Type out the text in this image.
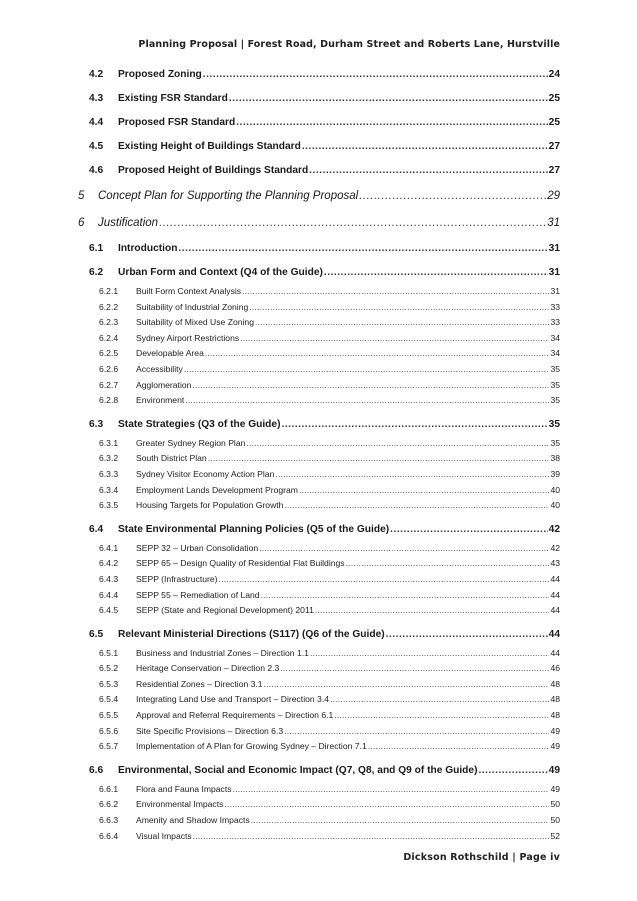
Planning Proposal | Forest Road, Durham Street and Roberts Lane, Hurstville
4.2	Proposed Zoning .....	24
4.3	Existing FSR Standard .....	25
4.4	Proposed FSR Standard .....	25
4.5	Existing Height of Buildings Standard .....	27
4.6	Proposed Height of Buildings Standard .....	27
5	Concept Plan for Supporting the Planning Proposal .....	29
6	Justification .....	31
6.1	Introduction .....	31
6.2	Urban Form and Context (Q4 of the Guide) .....	31
6.2.1	Built Form Context Analysis .....	31
6.2.2	Suitability of Industrial Zoning .....	33
6.2.3	Suitability of Mixed Use Zoning .....	33
6.2.4	Sydney Airport Restrictions .....	34
6.2.5	Developable Area .....	34
6.2.6	Accessibility .....	35
6.2.7	Agglomeration .....	35
6.2.8	Environment .....	35
6.3	State Strategies (Q3 of the Guide) .....	35
6.3.1	Greater Sydney Region Plan .....	35
6.3.2	South District Plan .....	38
6.3.3	Sydney Visitor Economy Action Plan .....	39
6.3.4	Employment Lands Development Program .....	40
6.3.5	Housing Targets for Population Growth .....	40
6.4	State Environmental Planning Policies (Q5 of the Guide) .....	42
6.4.1	SEPP 32 – Urban Consolidation .....	42
6.4.2	SEPP 65 – Design Quality of Residential Flat Buildings .....	43
6.4.3	SEPP (Infrastructure) .....	44
6.4.4	SEPP 55 – Remediation of Land .....	44
6.4.5	SEPP (State and Regional Development) 2011 .....	44
6.5	Relevant Ministerial Directions (S117) (Q6 of the Guide) .....	44
6.5.1	Business and Industrial Zones – Direction 1.1 .....	44
6.5.2	Heritage Conservation – Direction 2.3 .....	46
6.5.3	Residential Zones – Direction 3.1 .....	48
6.5.4	Integrating Land Use and Transport – Direction 3.4 .....	48
6.5.5	Approval and Referral Requirements – Direction 6.1 .....	48
6.5.6	Site Specific Provisions – Direction 6.3 .....	49
6.5.7	Implementation of A Plan for Growing Sydney – Direction 7.1 .....	49
6.6	Environmental, Social and Economic Impact (Q7, Q8, and Q9 of the Guide) .....	49
6.6.1	Flora and Fauna Impacts .....	49
6.6.2	Environmental Impacts .....	50
6.6.3	Amenity and Shadow Impacts .....	50
6.6.4	Visual Impacts .....	52
Dickson Rothschild | Page iv
